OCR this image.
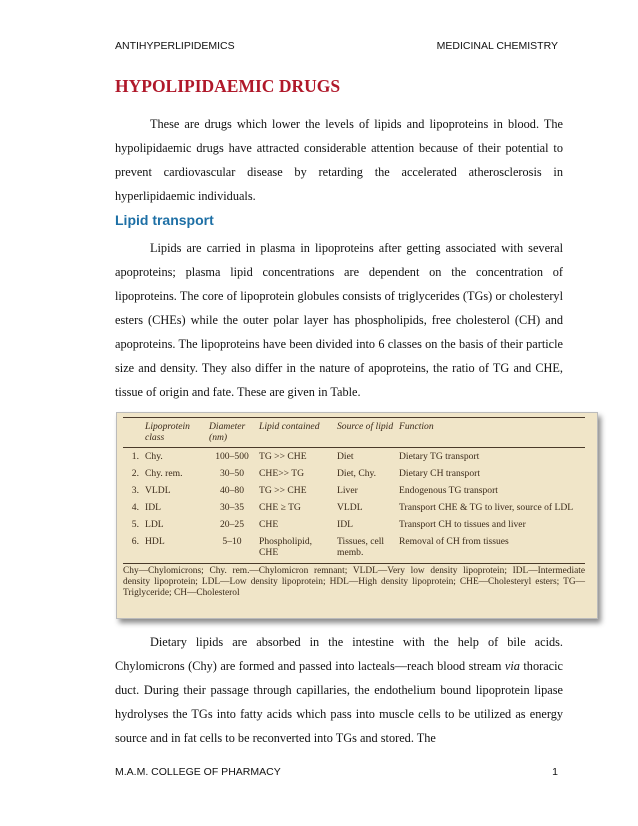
ANTIHYPERLIPIDEMICS	MEDICINAL CHEMISTRY
HYPOLIPIDAEMIC DRUGS

These are drugs which lower the levels of lipids and lipoproteins in blood. The hypolipidaemic drugs have attracted considerable attention because of their potential to prevent cardiovascular disease by retarding the accelerated atherosclerosis in hyperlipidaemic individuals.

Lipid transport

Lipids are carried in plasma in lipoproteins after getting associated with several apoproteins; plasma lipid concentrations are dependent on the concentration of lipoproteins. The core of lipoprotein globules consists of triglycerides (TGs) or cholesteryl esters (CHEs) while the outer polar layer has phospholipids, free cholesterol (CH) and apoproteins. The lipoproteins have been divided into 6 classes on the basis of their particle size and density. They also differ in the nature of apoproteins, the ratio of TG and CHE, tissue of origin and fate. These are given in Table.

	Lipoprotein class	Diameter (nm)	Lipid contained	Source of lipid	Function
1.	Chy.	100–500	TG >> CHE	Diet	Dietary TG transport
2.	Chy. rem.	30–50	CHE>> TG	Diet, Chy.	Dietary CH transport
3.	VLDL	40–80	TG >> CHE	Liver	Endogenous TG transport
4.	IDL	30–35	CHE ≥ TG	VLDL	Transport CHE & TG to liver, source of LDL
5.	LDL	20–25	CHE	IDL	Transport CH to tissues and liver
6.	HDL	5–10	Phospholipid, CHE	Tissues, cell memb.	Removal of CH from tissues
Chy—Chylomicrons; Chy. rem.—Chylomicron remnant; VLDL—Very low density lipoprotein; IDL—Intermediate density lipoprotein; LDL—Low density lipoprotein; HDL—High density lipoprotein; CHE—Cholesteryl esters; TG—Triglyceride; CH—Cholesterol

Dietary lipids are absorbed in the intestine with the help of bile acids. Chylomicrons (Chy) are formed and passed into lacteals—reach blood stream via thoracic duct. During their passage through capillaries, the endothelium bound lipoprotein lipase hydrolyses the TGs into fatty acids which pass into muscle cells to be utilized as energy source and in fat cells to be reconverted into TGs and stored. The

M.A.M. COLLEGE OF PHARMACY	1
